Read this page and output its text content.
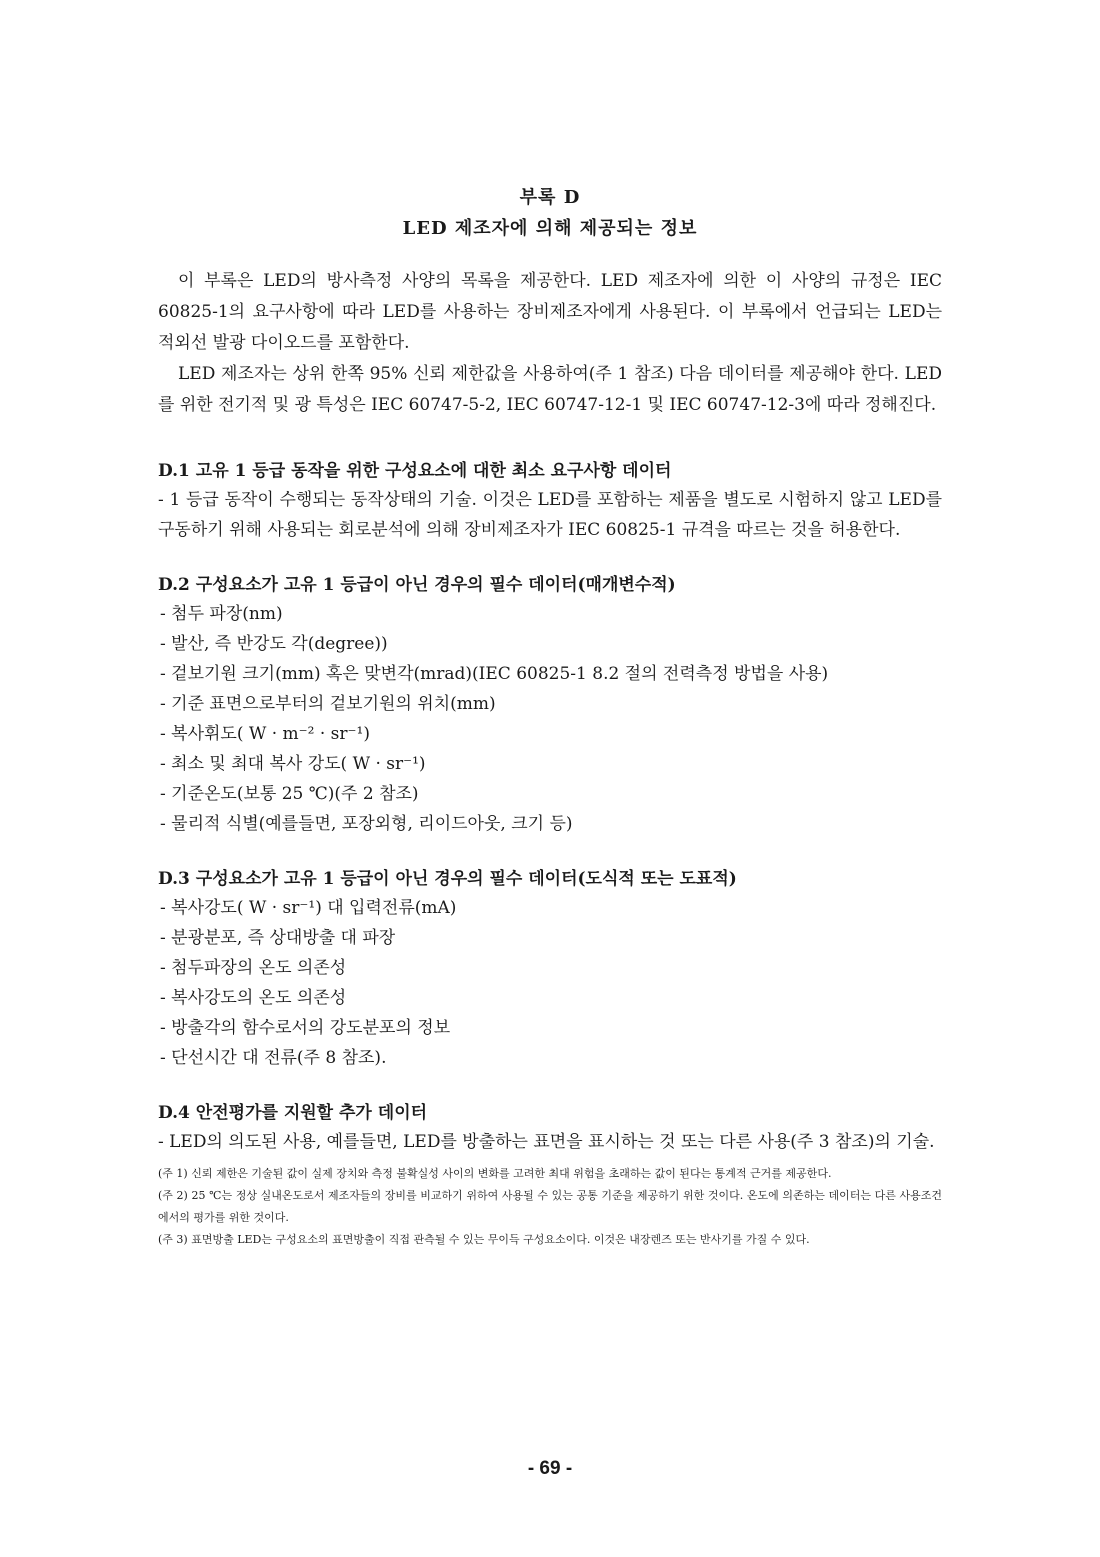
부록 D
LED 제조자에 의해 제공되는 정보

이 부록은 LED의 방사측정 사양의 목록을 제공한다. LED 제조자에 의한 이 사양의 규정은 IEC 60825-1의 요구사항에 따라 LED를 사용하는 장비제조자에게 사용된다. 이 부록에서 언급되는 LED는 적외선 발광 다이오드를 포함한다.

LED 제조자는 상위 한쪽 95% 신뢰 제한값을 사용하여(주 1 참조) 다음 데이터를 제공해야 한다. LED를 위한 전기적 및 광 특성은 IEC 60747-5-2, IEC 60747-12-1 및 IEC 60747-12-3에 따라 정해진다.

D.1 고유 1 등급 동작을 위한 구성요소에 대한 최소 요구사항 데이터

- 1 등급 동작이 수행되는 동작상태의 기술. 이것은 LED를 포함하는 제품을 별도로 시험하지 않고 LED를 구동하기 위해 사용되는 회로분석에 의해 장비제조자가 IEC 60825-1 규격을 따르는 것을 허용한다.

D.2 구성요소가 고유 1 등급이 아닌 경우의 필수 데이터(매개변수적)

- 첨두 파장(nm)
- 발산, 즉 반강도 각(degree))
- 겉보기원 크기(mm) 혹은 맞변각(mrad)(IEC 60825-1 8.2 절의 전력측정 방법을 사용)
- 기준 표면으로부터의 겉보기원의 위치(mm)
- 복사휘도( W · m⁻² · sr⁻¹)
- 최소 및 최대 복사 강도( W · sr⁻¹)
- 기준온도(보통 25 ℃)(주 2 참조)
- 물리적 식별(예를들면, 포장외형, 리이드아웃, 크기 등)

D.3 구성요소가 고유 1 등급이 아닌 경우의 필수 데이터(도식적 또는 도표적)

- 복사강도( W · sr⁻¹) 대 입력전류(mA)
- 분광분포, 즉 상대방출 대 파장
- 첨두파장의 온도 의존성
- 복사강도의 온도 의존성
- 방출각의 함수로서의 강도분포의 정보
- 단선시간 대 전류(주 8 참조).

D.4 안전평가를 지원할 추가 데이터

- LED의 의도된 사용, 예를들면, LED를 방출하는 표면을 표시하는 것 또는 다른 사용(주 3 참조)의 기술.

(주 1) 신뢰 제한은 기술된 값이 실제 장치와 측정 불확실성 사이의 변화를 고려한 최대 위험을 초래하는 값이 된다는 통계적 근거를 제공한다.

(주 2) 25 ℃는 정상 실내온도로서 제조자들의 장비를 비교하기 위하여 사용될 수 있는 공통 기준을 제공하기 위한 것이다. 온도에 의존하는 데이터는 다른 사용조건에서의 평가를 위한 것이다.

(주 3) 표면방출 LED는 구성요소의 표면방출이 직접 관측될 수 있는 무이득 구성요소이다. 이것은 내장렌즈 또는 반사기를 가질 수 있다.

- 69 -
